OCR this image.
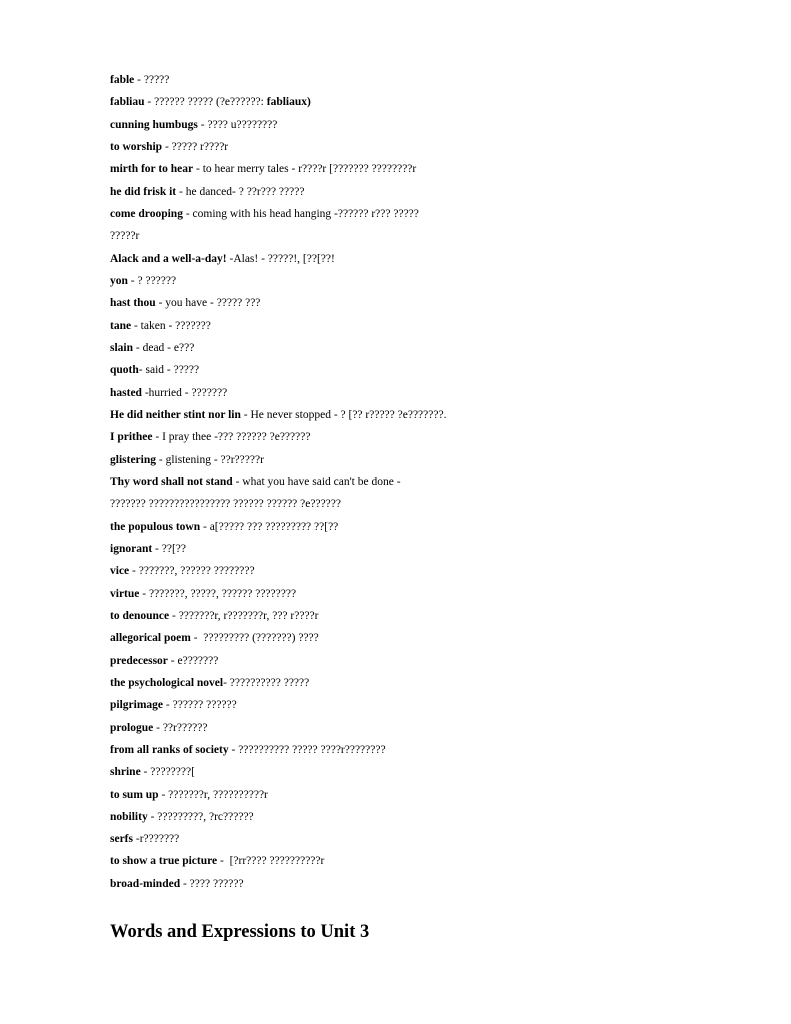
fable - ?????
fabliau - ?????? ????? (?e??????: fabliaux)
cunning humbugs - ???? u????????
to worship - ????? r????r
mirth for to hear - to hear merry tales - r????r [??????? ????????r
he did frisk it - he danced- ? ??r??? ?????
come drooping - coming with his head hanging -?????? r??? ?????
?????r
Alack and a well-a-day! -Alas! - ?????!, [??[??!
yon - ? ??????
hast thou - you have - ????? ???
tane - taken - ???????
slain - dead - e???
quoth- said - ?????
hasted -hurried - ???????
He did neither stint nor lin - He never stopped - ? [?? r????? ?e???????.
I prithee - I pray thee -??? ?????? ?e??????
glistering - glistening - ??r?????r
Thy word shall not stand - what you have said can't be done -
??????? ???????????????? ?????? ?????? ?e??????
the populous town - a[????? ??? ????????? ??[??
ignorant - ??[??
vice - ???????, ?????? ????????
virtue - ???????, ?????, ?????? ????????
to denounce - ???????r, r???????r, ??? r????r
allegorical poem -  ????????? (???????) ????
predecessor - e???????
the psychological novel- ?????????? ?????
pilgrimage - ?????? ??????
prologue - ??r??????
from all ranks of society - ?????????? ????? ????r????????
shrine - ????????[
to sum up - ???????r, ??????????r
nobility - ?????????, ?rc??????
serfs -r???????
to show a true picture -  [?rr???? ??????????r
broad-minded - ???? ??????
Words and Expressions to Unit 3
